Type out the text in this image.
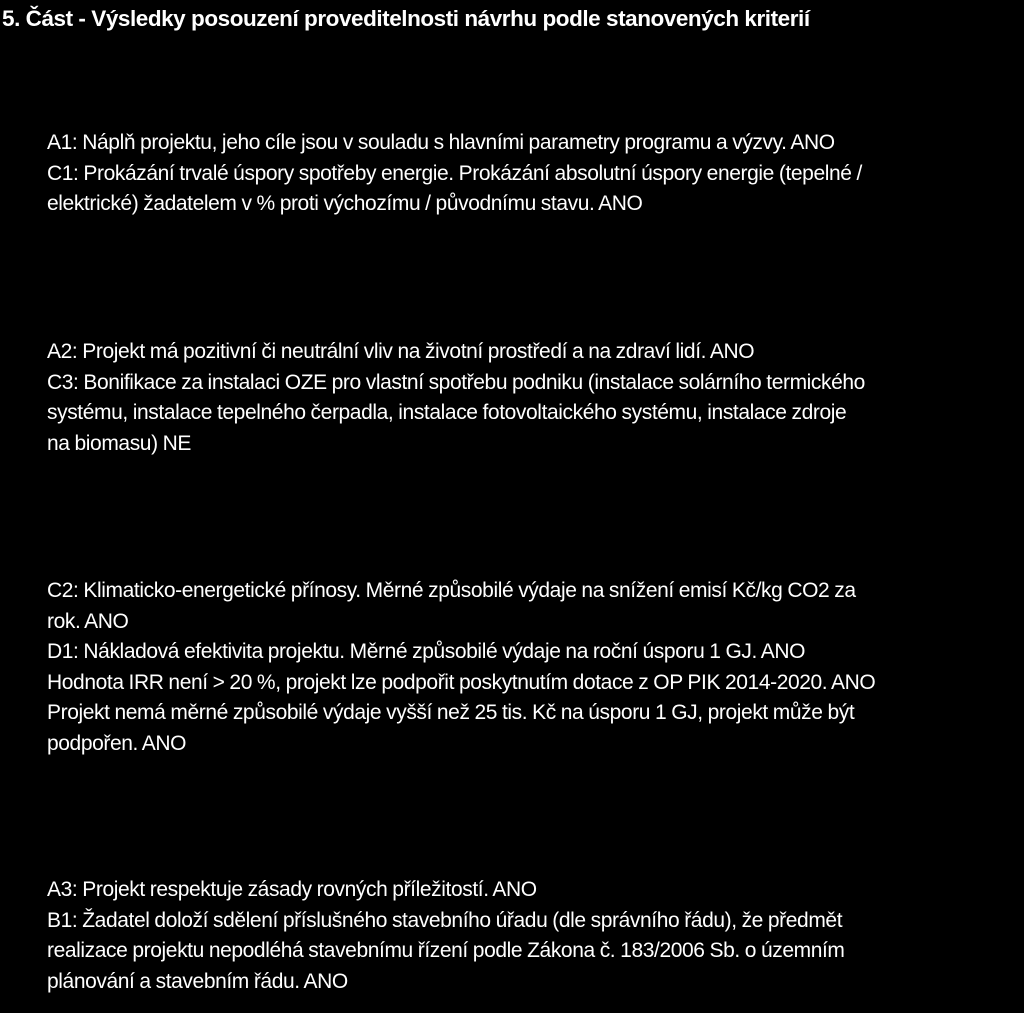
5. Část - Výsledky posouzení proveditelnosti návrhu podle stanovených kriterií
A1: Náplň projektu, jeho cíle jsou v souladu s hlavními parametry programu a výzvy. ANO
C1: Prokázání trvalé úspory spotřeby energie. Prokázání absolutní úspory energie (tepelné /
elektrické) žadatelem v % proti výchozímu / původnímu stavu. ANO
A2: Projekt má pozitivní či neutrální vliv na životní prostředí a na zdraví lidí. ANO
C3: Bonifikace za instalaci OZE pro vlastní spotřebu podniku (instalace solárního termického
systému, instalace tepelného čerpadla, instalace fotovoltaického systému, instalace zdroje
na biomasu) NE
C2: Klimaticko-energetické přínosy. Měrné způsobilé výdaje na snížení emisí Kč/kg CO2 za
rok. ANO
D1: Nákladová efektivita projektu. Měrné způsobilé výdaje na roční úsporu 1 GJ. ANO
Hodnota IRR není > 20 %, projekt lze podpořit poskytnutím dotace z OP PIK 2014-2020. ANO
Projekt nemá měrné způsobilé výdaje vyšší než 25 tis. Kč na úsporu 1 GJ, projekt může být
podpořen. ANO
A3: Projekt respektuje zásady rovných příležitostí. ANO
B1: Žadatel doloží sdělení příslušného stavebního úřadu (dle správního řádu), že předmět
realizace projektu nepodléhá stavebnímu řízení podle Zákona č. 183/2006 Sb. o územním
plánování a stavebním řádu. ANO
